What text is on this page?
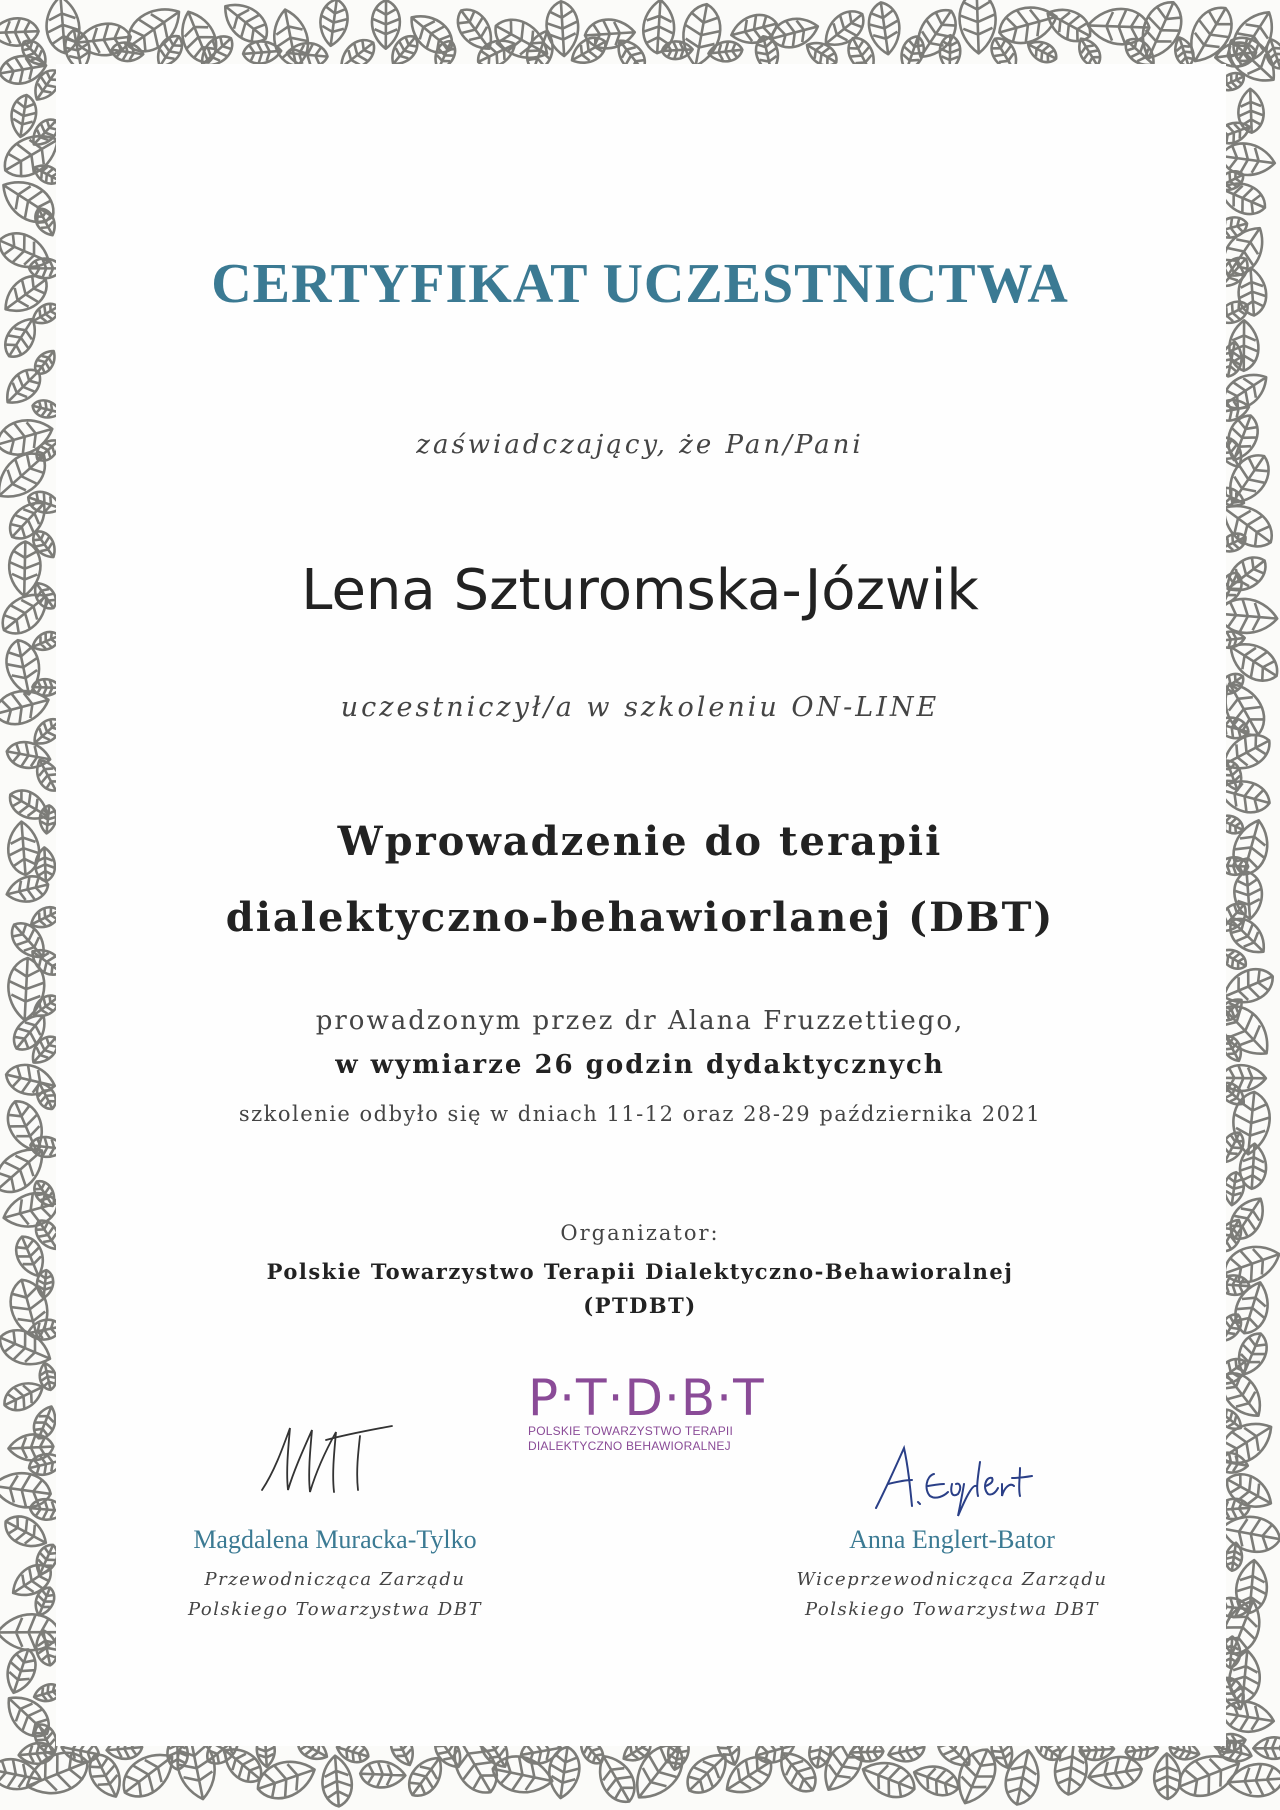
CERTYFIKAT UCZESTNICTWA

zaświadczający, że Pan/Pani

Lena Szturomska-Józwik

uczestniczył/a w szkoleniu ON-LINE

Wprowadzenie do terapii
dialektyczno-behawiorlanej (DBT)

prowadzonym przez dr Alana Fruzzettiego,

w wymiarze 26 godzin dydaktycznych

szkolenie odbyło się w dniach 11-12 oraz 28-29 października 2021

Organizator:

Polskie Towarzystwo Terapii Dialektyczno-Behawioralnej
(PTDBT)
P·T·D·B·T
POLSKIE TOWARZYSTWO TERAPII
DIALEKTYCZNO BEHAWIORALNEJ
Magdalena Muracka-Tylko
Przewodnicząca Zarządu
Polskiego Towarzystwa DBT
Anna Englert-Bator
Wiceprzewodnicząca Zarządu
Polskiego Towarzystwa DBT
